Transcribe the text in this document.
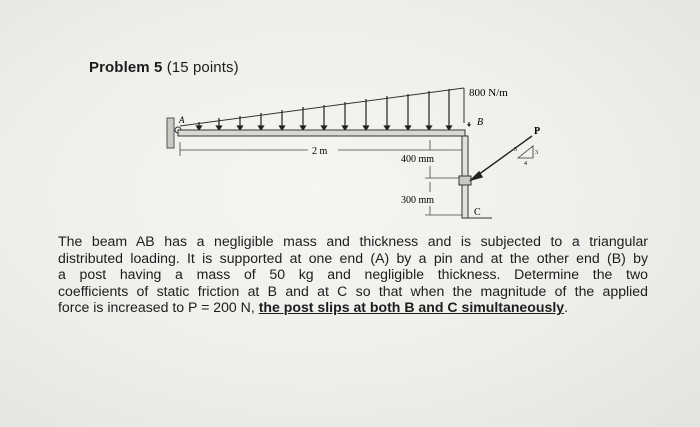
Problem 5 (15 points)
A
800 N/m
B
P
2 m
400 mm
300 mm
C
5	3
4
The beam AB has a negligible mass and thickness and is subjected to a triangular
distributed loading. It is supported at one end (A) by a pin and at the other end (B) by
a post having a mass of 50 kg and negligible thickness. Determine the two
coefficients of static friction at B and at C so that when the magnitude of the applied
force is increased to P = 200 N, the post slips at both B and C simultaneously.
